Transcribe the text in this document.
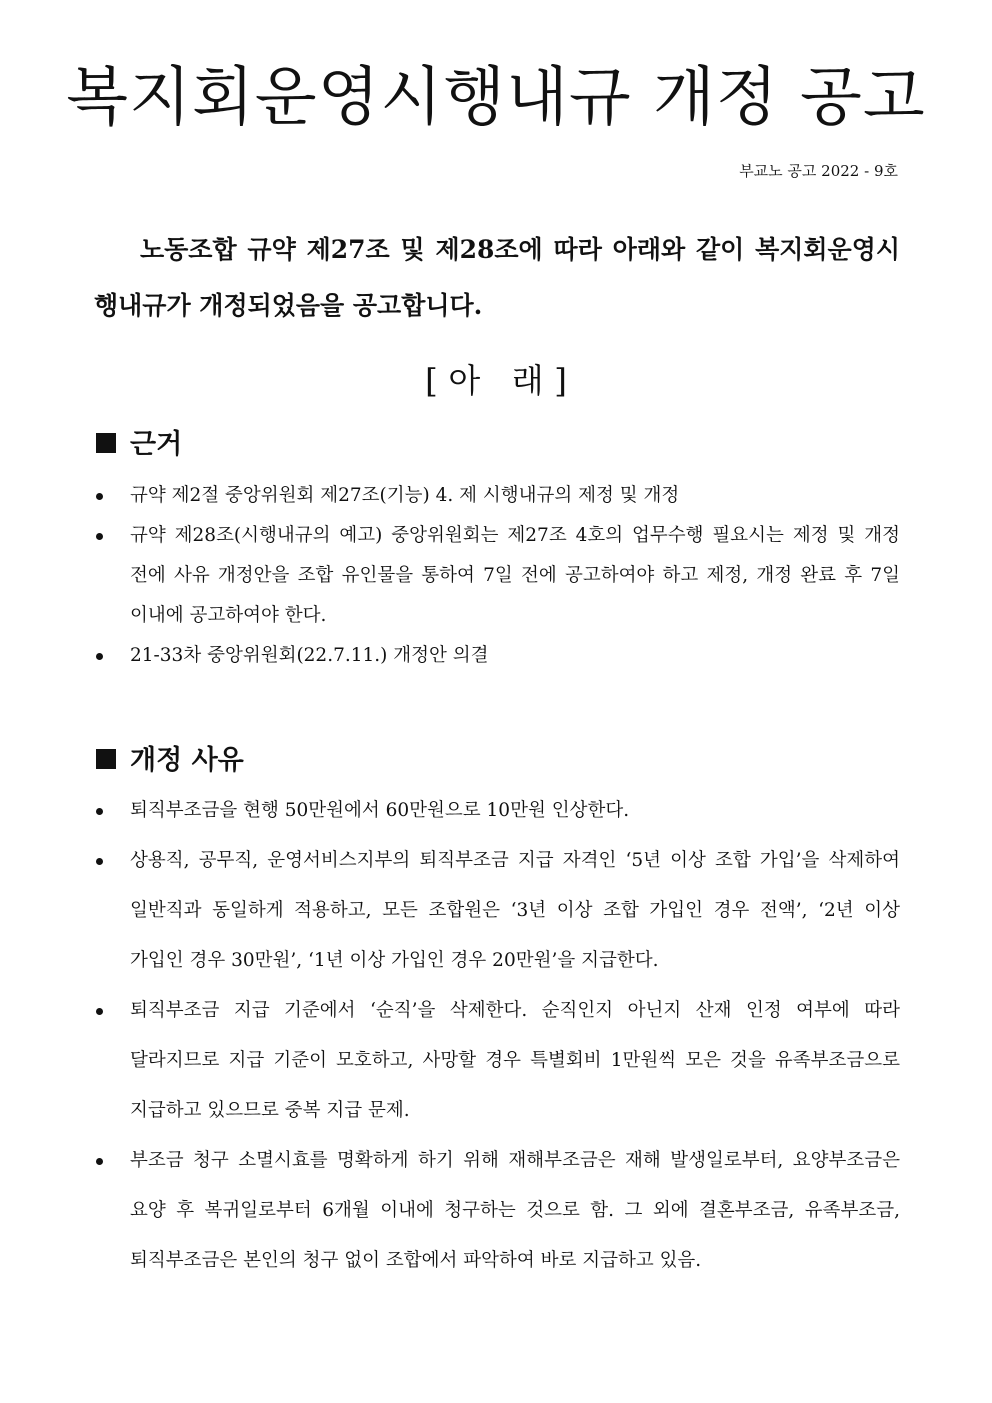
복지회운영시행내규 개정 공고
부교노 공고 2022 - 9호
노동조합 규약 제27조 및 제28조에 따라 아래와 같이 복지회운영시행내규가 개정되었음을 공고합니다.
[ 아   래 ]
근거
규약 제2절 중앙위원회 제27조(기능) 4. 제 시행내규의 제정 및 개정
규약 제28조(시행내규의 예고) 중앙위원회는 제27조 4호의 업무수행 필요시는 제정 및 개정 전에 사유 개정안을 조합 유인물을 통하여 7일 전에 공고하여야 하고 제정, 개정 완료 후 7일 이내에 공고하여야 한다.
21-33차 중앙위원회(22.7.11.) 개정안 의결
개정 사유
퇴직부조금을 현행 50만원에서 60만원으로 10만원 인상한다.
상용직, 공무직, 운영서비스지부의 퇴직부조금 지급 자격인 ‘5년 이상 조합 가입’을 삭제하여 일반직과 동일하게 적용하고, 모든 조합원은 ‘3년 이상 조합 가입인 경우 전액’, ‘2년 이상 가입인 경우 30만원’, ‘1년 이상 가입인 경우 20만원’을 지급한다.
퇴직부조금 지급 기준에서 ‘순직’을 삭제한다. 순직인지 아닌지 산재 인정 여부에 따라 달라지므로 지급 기준이 모호하고, 사망할 경우 특별회비 1만원씩 모은 것을 유족부조금으로 지급하고 있으므로 중복 지급 문제.
부조금 청구 소멸시효를 명확하게 하기 위해 재해부조금은 재해 발생일로부터, 요양부조금은 요양 후 복귀일로부터 6개월 이내에 청구하는 것으로 함. 그 외에 결혼부조금, 유족부조금, 퇴직부조금은 본인의 청구 없이 조합에서 파악하여 바로 지급하고 있음.
